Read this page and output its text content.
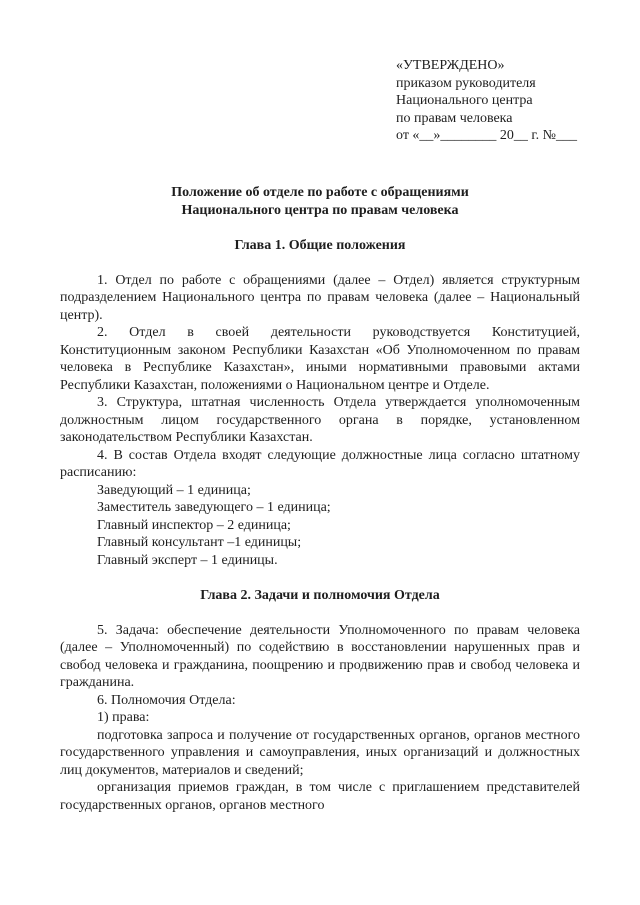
«УТВЕРЖДЕНО»
приказом руководителя
Национального центра
по правам человека
от «__»________ 20__ г. №___
Положение об отделе по работе с обращениями
Национального центра по правам человека
Глава 1. Общие положения

1. Отдел по работе с обращениями (далее – Отдел) является структурным подразделением Национального центра по правам человека (далее – Национальный центр).

2. Отдел в своей деятельности руководствуется Конституцией, Конституционным законом Республики Казахстан «Об Уполномоченном по правам человека в Республике Казахстан», иными нормативными правовыми актами Республики Казахстан, положениями о Национальном центре и Отделе.

3. Структура, штатная численность Отдела утверждается уполномоченным должностным лицом государственного органа в порядке, установленном законодательством Республики Казахстан.

4. В состав Отдела входят следующие должностные лица согласно штатному расписанию:

Заведующий – 1 единица;
Заместитель заведующего – 1 единица;
Главный инспектор – 2 единица;
Главный консультант –1 единицы;
Главный эксперт – 1 единицы.
Глава 2. Задачи и полномочия Отдела

5. Задача: обеспечение деятельности Уполномоченного по правам человека (далее – Уполномоченный) по содействию в восстановлении нарушенных прав и свобод человека и гражданина, поощрению и продвижению прав и свобод человека и гражданина.

6. Полномочия Отдела:

1) права:

подготовка запроса и получение от государственных органов, органов местного государственного управления и самоуправления, иных организаций и должностных лиц документов, материалов и сведений;

организация приемов граждан, в том числе с приглашением представителей государственных органов, органов местного
